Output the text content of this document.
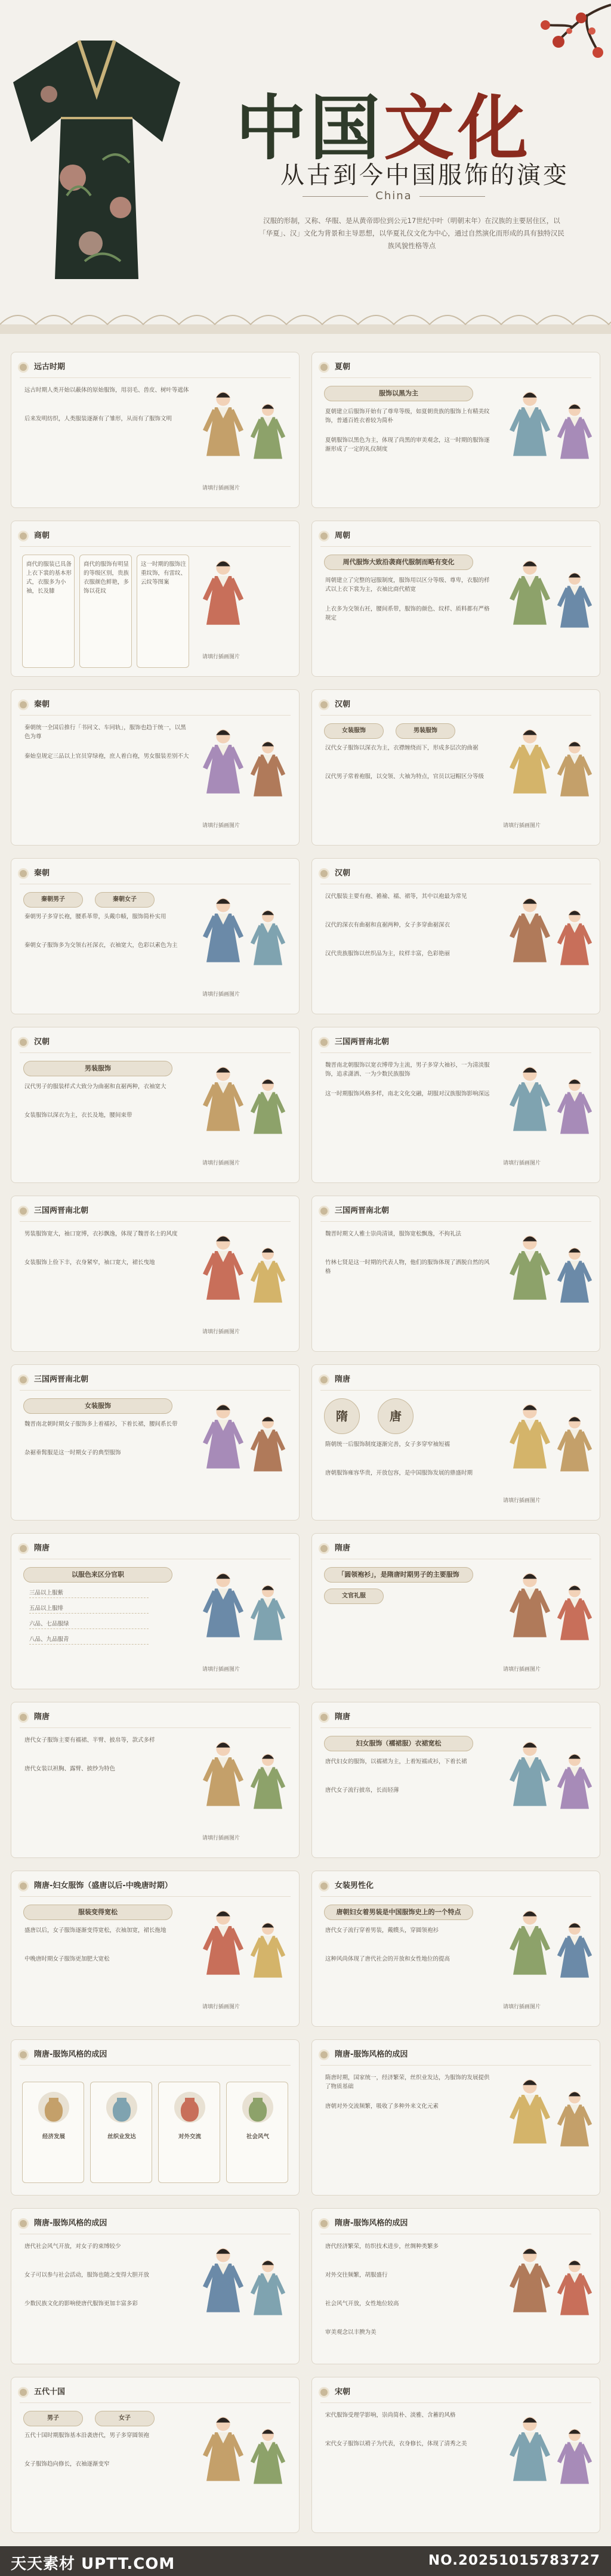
中国文化
从古到今中国服饰的演变
China
汉服的形制，又称、华服、是从黄帝即位到公元17世纪中叶（明朝末年）在汉族的主要居住区，以「华夏」、汉」文化为背景和主导思想，以华夏礼仪文化为中心，通过自然演化而形成的具有独特汉民族风貌性格等点
远古时期
远古时期人类开始以蔽体的原始服饰，用羽毛、兽皮、树叶等遮体
后来发明纺织，人类服装逐渐有了雏形，从而有了服饰文明
请填行插画图片
夏朝
服饰以黑为主
夏朝建立后服饰开始有了尊卑等级，如夏朝贵族的服饰上有精美纹饰，普通百姓衣着较为简朴
夏朝服饰以黑色为主，体现了尚黑的审美观念，这一时期的服饰逐渐形成了一定的礼仪制度
商朝
商代的服装已具备上衣下裳的基本形式，衣服多为小袖，长及膝
商代的服饰有明显的等级区别，贵族衣服颜色鲜艳，多饰以花纹
这一时期的服饰注重纹饰，有雷纹、云纹等图案
请填行插画图片
周朝
周代服饰大致沿袭商代服制而略有变化
周朝建立了完整的冠服制度，服饰用以区分等级、尊卑，衣服的样式以上衣下裳为主，衣袖比商代稍宽
上衣多为交领右衽，腰间系带，服饰的颜色、纹样、质料都有严格规定
秦朝
秦朝统一全国后推行「书同文、车同轨」，服饰也趋于统一，以黑色为尊
秦始皇规定三品以上官员穿绿袍，庶人着白袍，男女服装差别不大
请填行插画图片
汉朝
女装服饰	男装服饰
汉代女子服饰以深衣为主，衣襟缠绕而下，形成多层次的曲裾
汉代男子常着袍服，以交领、大袖为特点，官员以冠帽区分等级
请填行插画图片
秦朝
秦朝男子	秦朝女子
秦朝男子多穿长袍，腰系革带，头戴巾帻，服饰简朴实用
秦朝女子服饰多为交领右衽深衣，衣袖宽大，色彩以素色为主
请填行插画图片
汉朝
汉代服装主要有袍、襜褕、襦、裙等，其中以袍最为常见
汉代的深衣有曲裾和直裾两种，女子多穿曲裾深衣
汉代贵族服饰以丝织品为主，纹样丰富，色彩艳丽
汉朝
男装服饰
汉代男子的服装样式大致分为曲裾和直裾两种，衣袖宽大
女装服饰以深衣为主，衣长及地，腰间束带
请填行插画图片
三国两晋南北朝
魏晋南北朝服饰以宽衣博带为主流，男子多穿大袖衫，一为清淡服饰，追求潇洒、一为少数民族服饰
这一时期服饰风格多样，南北文化交融，胡服对汉族服饰影响深远
请填行插画图片
三国两晋南北朝
男装服饰宽大，袖口宽博，衣衫飘逸，体现了魏晋名士的风度
女装服饰上俭下丰，衣身紧窄，袖口宽大，裙长曳地
请填行插画图片
三国两晋南北朝
魏晋时期文人雅士崇尚清谈，服饰宽松飘逸，不拘礼法
竹林七贤是这一时期的代表人物，他们的服饰体现了洒脱自然的风格
三国两晋南北朝
女装服饰
魏晋南北朝时期女子服饰多上着襦衫，下着长裙，腰间系长带
杂裾垂髾服是这一时期女子的典型服饰
隋唐
隋	唐
隋朝统一后服饰制度逐渐完善，女子多穿窄袖短襦
唐朝服饰雍容华贵，开放包容，是中国服饰发展的鼎盛时期
请填行插画图片
隋唐
以服色来区分官职
三品以上服紫
五品以上服绯
六品、七品服绿
八品、九品服青
请填行插画图片
隋唐
「圆领袍衫」，是隋唐时期男子的主要服饰
文官礼服
请填行插画图片
隋唐
唐代女子服饰主要有襦裙、半臂、披帛等，款式多样
唐代女装以袒胸、露臂、披纱为特色
请填行插画图片
隋唐
妇女服饰（襦裙服）衣裙宽松
唐代妇女的服饰，以襦裙为主，上着短襦或衫，下着长裙
唐代女子流行披帛，长而轻薄
隋唐-妇女服饰（盛唐以后-中晚唐时期）
服装变得宽松
盛唐以后，女子服饰逐渐变得宽松，衣袖加宽，裙长拖地
中晚唐时期女子服饰更加肥大宽松
请填行插画图片
女装男性化
唐朝妇女着男装是中国服饰史上的一个特点
唐代女子流行穿着男装，戴幞头，穿圆领袍衫
这种风尚体现了唐代社会的开放和女性地位的提高
请填行插画图片
隋唐-服饰风格的成因
经济发展	丝织业发达	对外交流	社会风气
隋唐-服饰风格的成因
隋唐时期，国家统一，经济繁荣，丝织业发达，为服饰的发展提供了物质基础
唐朝对外交流频繁，吸收了多种外来文化元素
隋唐-服饰风格的成因
唐代社会风气开放，对女子的束缚较少
女子可以参与社会活动，服饰也随之变得大胆开放
少数民族文化的影响使唐代服饰更加丰富多彩
隋唐-服饰风格的成因
唐代经济繁荣，纺织技术进步，丝绸种类繁多
对外交往频繁，胡服盛行
社会风气开放，女性地位较高
审美观念以丰腴为美
五代十国
男子	女子
五代十国时期服饰基本沿袭唐代，男子多穿圆领袍
女子服饰趋向修长，衣袖逐渐变窄
宋朝
宋代服饰受理学影响，崇尚简朴、淡雅、含蓄的风格
宋代女子服饰以褙子为代表，衣身修长，体现了清秀之美
天天素材 UPTT.COM	NO.20251015783727
